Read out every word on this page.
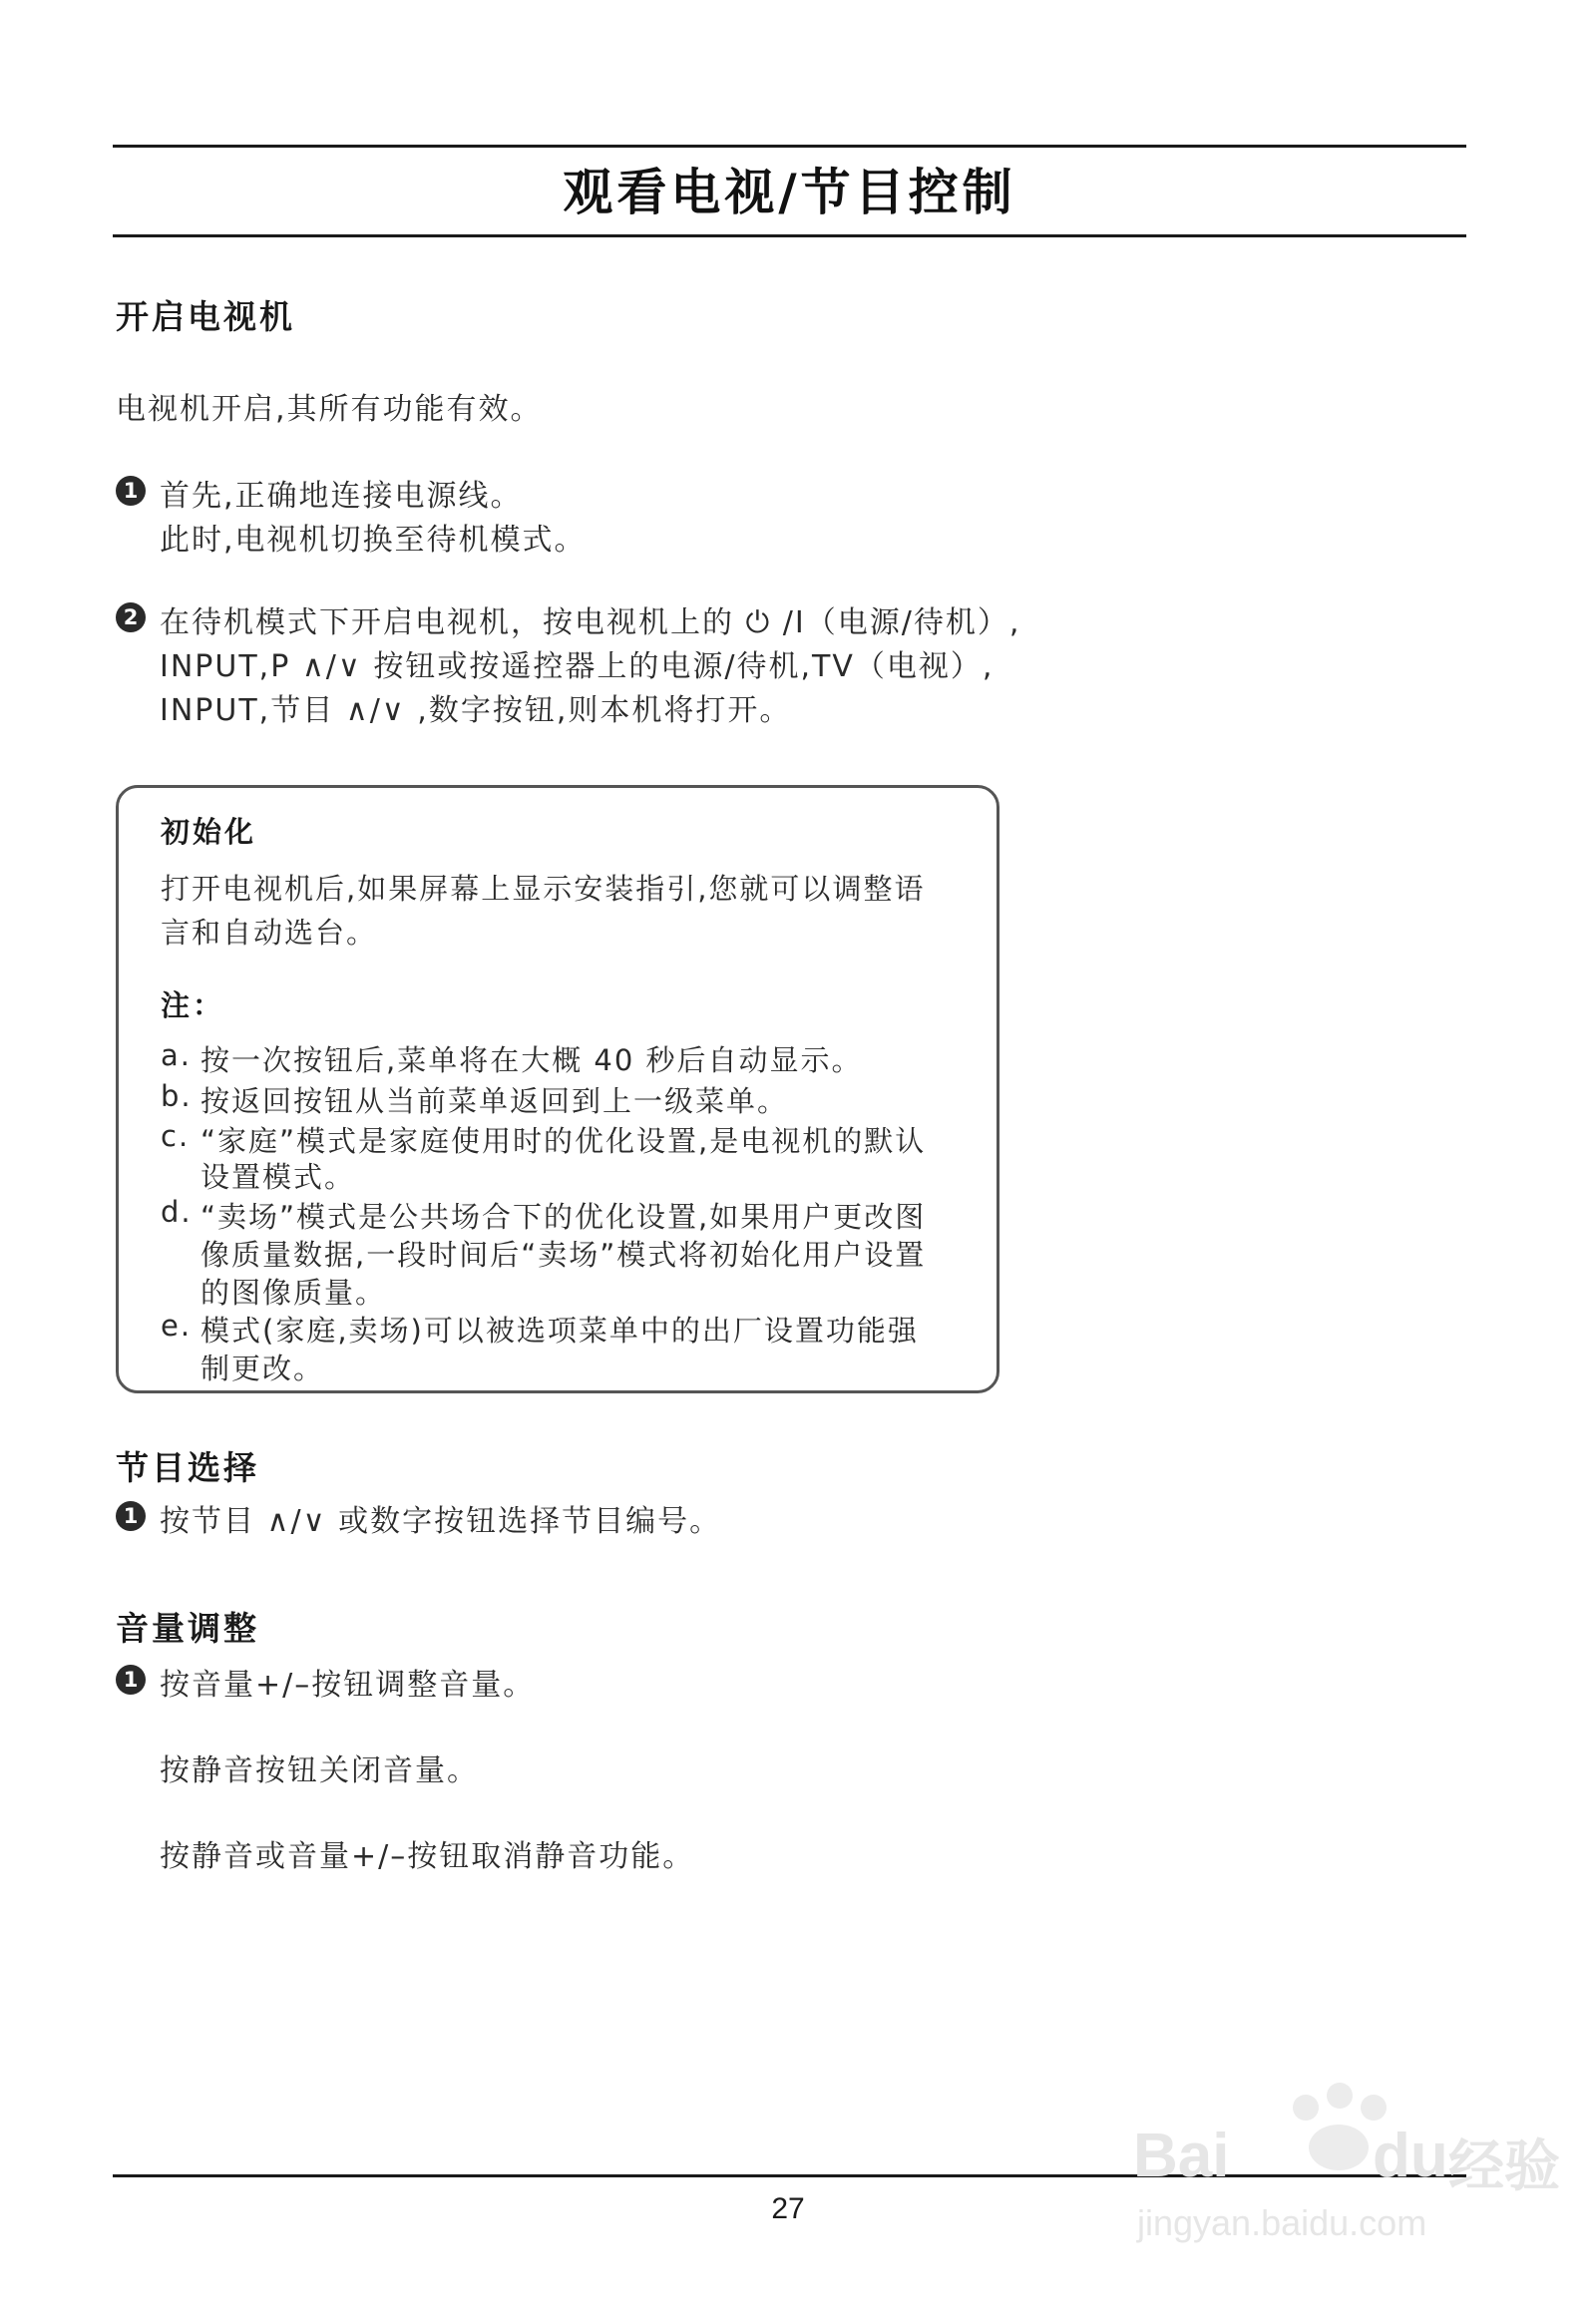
观看电视/节目控制
开启电视机
电视机开启,其所有功能有效。
1 首先,正确地连接电源线。
此时,电视机切换至待机模式。
2 在待机模式下开启电视机，按电视机上的 ⏻ /I（电源/待机）,
INPUT,P ∧/∨ 按钮或按遥控器上的电源/待机,TV（电视）,
INPUT,节目 ∧/∨ ,数字按钮,则本机将打开。
初始化
打开电视机后,如果屏幕上显示安装指引,您就可以调整语
言和自动选台。
注：
a. 按一次按钮后,菜单将在大概 40 秒后自动显示。
b. 按返回按钮从当前菜单返回到上一级菜单。
c. “家庭”模式是家庭使用时的优化设置,是电视机的默认
设置模式。
d. “卖场”模式是公共场合下的优化设置,如果用户更改图
像质量数据,一段时间后“卖场”模式将初始化用户设置
的图像质量。
e. 模式(家庭,卖场)可以被选项菜单中的出厂设置功能强
制更改。
节目选择
1 按节目 ∧/∨ 或数字按钮选择节目编号。
音量调整
1 按音量+/–按钮调整音量。
按静音按钮关闭音量。
按静音或音量+/–按钮取消静音功能。
27
Bai du 经验
jingyan.baidu.com
